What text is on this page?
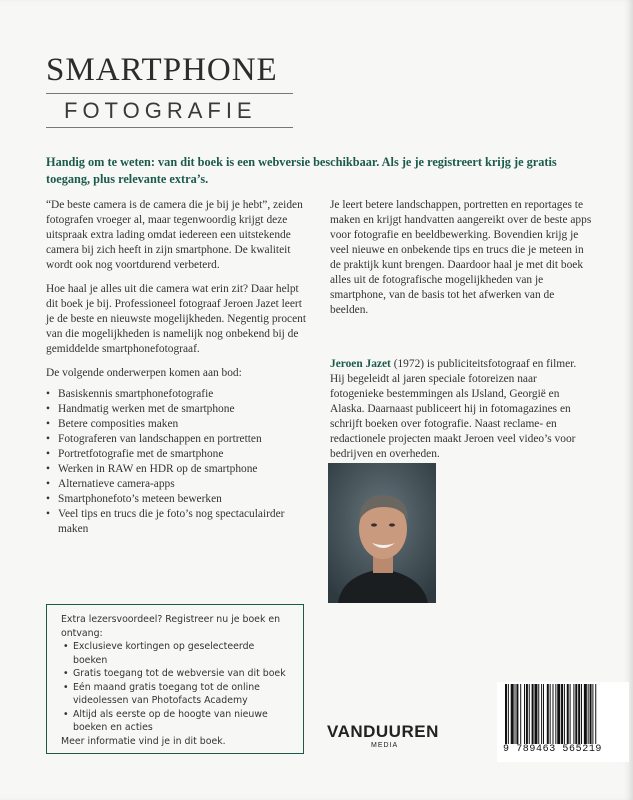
SMARTPHONE
FOTOGRAFIE
Handig om te weten: van dit boek is een webversie beschikbaar. Als je je registreert krijg je gratis toegang, plus relevante extra’s.

“De beste camera is de camera die je bij je hebt”, zeiden fotografen vroeger al, maar tegenwoordig krijgt deze uitspraak extra lading omdat iedereen een uitstekende camera bij zich heeft in zijn smartphone. De kwaliteit wordt ook nog voortdurend verbeterd.

Hoe haal je alles uit die camera wat erin zit? Daar helpt dit boek je bij. Professioneel fotograaf Jeroen Jazet leert je de beste en nieuwste mogelijkheden. Negentig procent van die mogelijkheden is namelijk nog onbekend bij de gemiddelde smartphonefotograaf.

De volgende onderwerpen komen aan bod:

• Basiskennis smartphonefotografie
• Handmatig werken met de smartphone
• Betere composities maken
• Fotograferen van landschappen en portretten
• Portretfotografie met de smartphone
• Werken in RAW en HDR op de smartphone
• Alternatieve camera-apps
• Smartphonefoto’s meteen bewerken
• Veel tips en trucs die je foto’s nog spectaculairder maken

Je leert betere landschappen, portretten en reportages te maken en krijgt handvatten aangereikt over de beste apps voor fotografie en beeldbewerking. Bovendien krijg je veel nieuwe en onbekende tips en trucs die je meteen in de praktijk kunt brengen. Daardoor haal je met dit boek alles uit de fotografische mogelijkheden van je smartphone, van de basis tot het afwerken van de beelden.

Jeroen Jazet (1972) is publiciteitsfotograaf en filmer. Hij begeleidt al jaren speciale fotoreizen naar fotogenieke bestemmingen als IJsland, Georgië en Alaska. Daarnaast publiceert hij in fotomagazines en schrijft boeken over fotografie. Naast reclame- en redactionele projecten maakt Jeroen veel video’s voor bedrijven en overheden.
Extra lezersvoordeel? Registreer nu je boek en ontvang:
• Exclusieve kortingen op geselecteerde boeken
• Gratis toegang tot de webversie van dit boek
• Eén maand gratis toegang tot de online videolessen van Photofacts Academy
• Altijd als eerste op de hoogte van nieuwe boeken en acties
Meer informatie vind je in dit boek.	VANDUUREN
MEDIA	9 789463 565219
